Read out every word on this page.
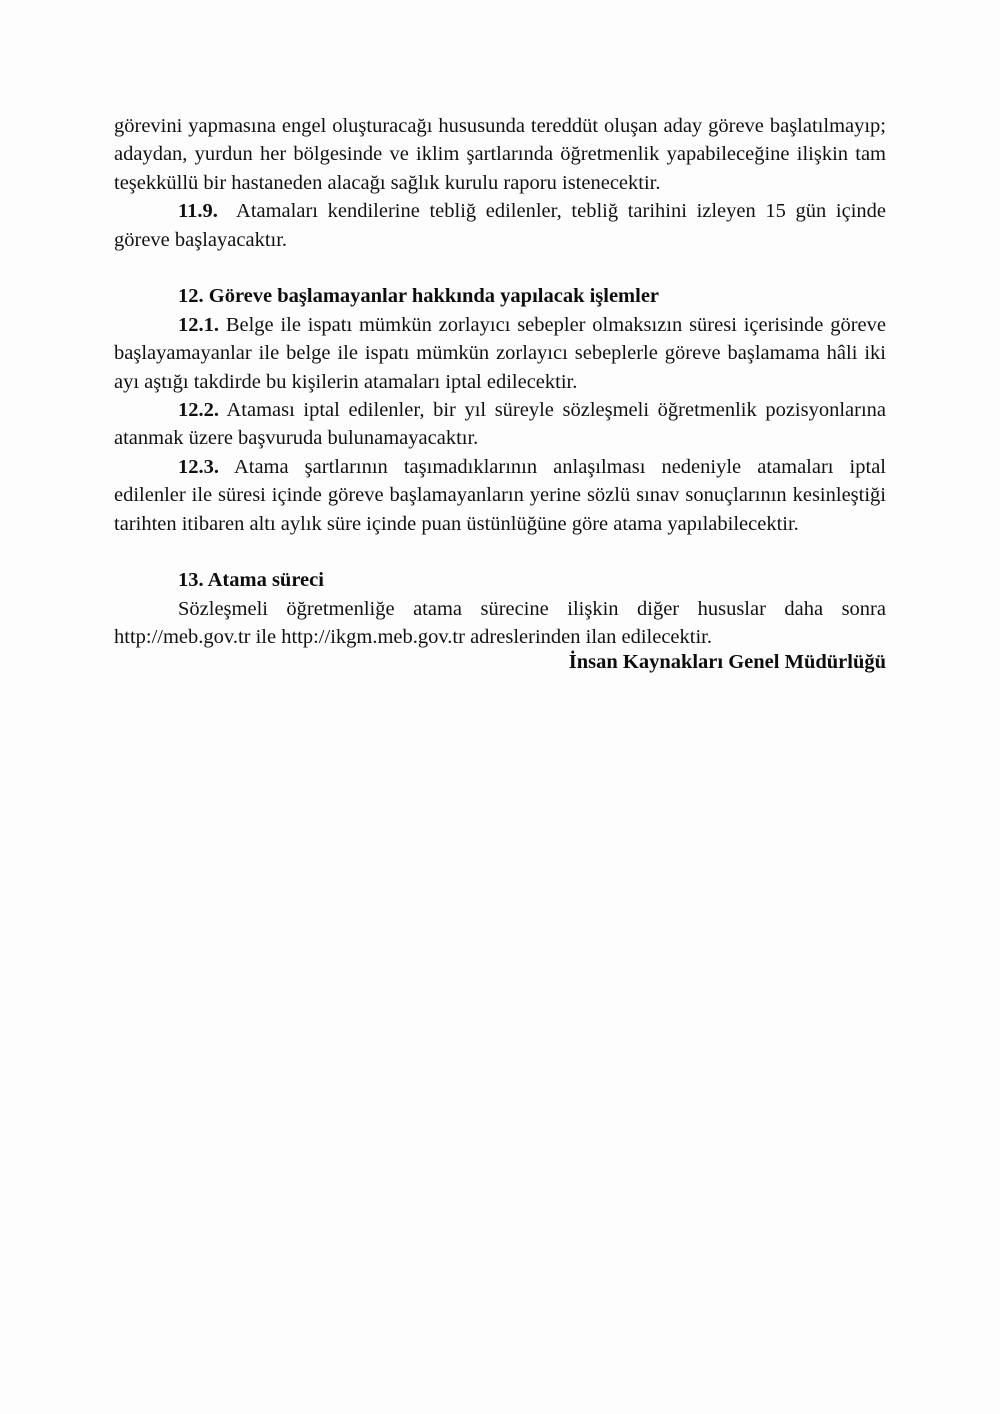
görevini yapmasına engel oluşturacağı hususunda tereddüt oluşan aday göreve başlatılmayıp; adaydan, yurdun her bölgesinde ve iklim şartlarında öğretmenlik yapabileceğine ilişkin tam teşekküllü bir hastaneden alacağı sağlık kurulu raporu istenecektir.

11.9. Atamaları kendilerine tebliğ edilenler, tebliğ tarihini izleyen 15 gün içinde göreve başlayacaktır.

12. Göreve başlamayanlar hakkında yapılacak işlemler

12.1. Belge ile ispatı mümkün zorlayıcı sebepler olmaksızın süresi içerisinde göreve başlayamayanlar ile belge ile ispatı mümkün zorlayıcı sebeplerle göreve başlamama hâli iki ayı aştığı takdirde bu kişilerin atamaları iptal edilecektir.

12.2. Ataması iptal edilenler, bir yıl süreyle sözleşmeli öğretmenlik pozisyonlarına atanmak üzere başvuruda bulunamayacaktır.

12.3. Atama şartlarının taşımadıklarının anlaşılması nedeniyle atamaları iptal edilenler ile süresi içinde göreve başlamayanların yerine sözlü sınav sonuçlarının kesinleştiği tarihten itibaren altı aylık süre içinde puan üstünlüğüne göre atama yapılabilecektir.

13. Atama süreci

Sözleşmeli öğretmenliğe atama sürecine ilişkin diğer hususlar daha sonra http://meb.gov.tr ile http://ikgm.meb.gov.tr adreslerinden ilan edilecektir.

İnsan Kaynakları Genel Müdürlüğü
